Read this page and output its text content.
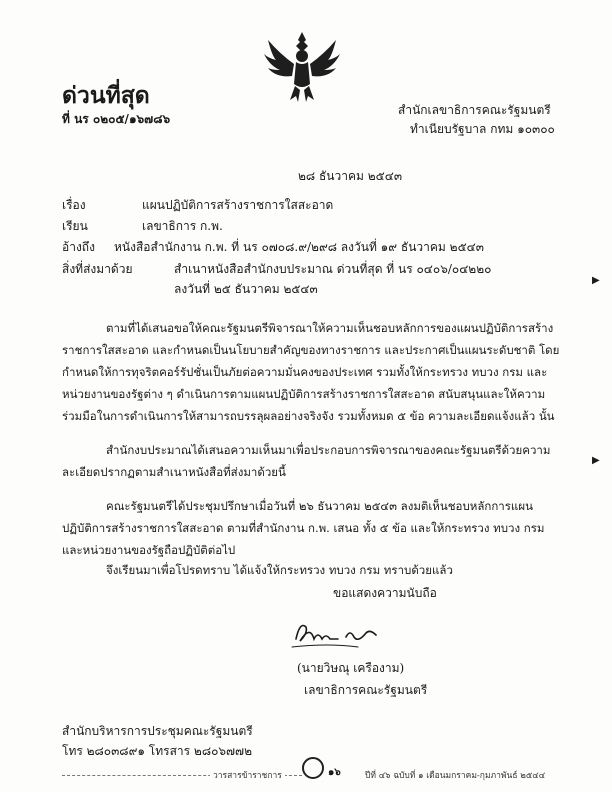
ด่วนที่สุด
ที่ นร ๐๒๐๕/๑๖๗๘๖
สำนักเลขาธิการคณะรัฐมนตรี
ทำเนียบรัฐบาล กทม ๑๐๓๐๐
๒๘ ธันวาคม ๒๕๔๓
เรื่อง	แผนปฏิบัติการสร้างราชการใสสะอาด
เรียน	เลขาธิการ ก.พ.
อ้างถึง หนังสือสำนักงาน ก.พ. ที่ นร ๐๗๐๘.๙/๒๙๘ ลงวันที่ ๑๙ ธันวาคม ๒๕๔๓
สิ่งที่ส่งมาด้วย	สำเนาหนังสือสำนักงบประมาณ ด่วนที่สุด ที่ นร ๐๔๐๖/๐๔๒๒๐
ลงวันที่ ๒๕ ธันวาคม ๒๕๔๓
ตามที่ได้เสนอขอให้คณะรัฐมนตรีพิจารณาให้ความเห็นชอบหลักการของแผนปฏิบัติการสร้าง
ราชการใสสะอาด และกำหนดเป็นนโยบายสำคัญของทางราชการ และประกาศเป็นแผนระดับชาติ โดย
กำหนดให้การทุจริตคอร์รัปชั่นเป็นภัยต่อความมั่นคงของประเทศ รวมทั้งให้กระทรวง ทบวง กรม และ
หน่วยงานของรัฐต่าง ๆ ดำเนินการตามแผนปฏิบัติการสร้างราชการใสสะอาด สนับสนุนและให้ความ
ร่วมมือในการดำเนินการให้สามารถบรรลุผลอย่างจริงจัง รวมทั้งหมด ๕ ข้อ ความละเอียดแจ้งแล้ว นั้น
สำนักงบประมาณได้เสนอความเห็นมาเพื่อประกอบการพิจารณาของคณะรัฐมนตรีด้วยความ
ละเอียดปรากฏตามสำเนาหนังสือที่ส่งมาด้วยนี้
คณะรัฐมนตรีได้ประชุมปรึกษาเมื่อวันที่ ๒๖ ธันวาคม ๒๕๔๓ ลงมติเห็นชอบหลักการแผน
ปฏิบัติการสร้างราชการใสสะอาด ตามที่สำนักงาน ก.พ. เสนอ ทั้ง ๕ ข้อ และให้กระทรวง ทบวง กรม
และหน่วยงานของรัฐถือปฏิบัติต่อไป
จึงเรียนมาเพื่อโปรดทราบ ได้แจ้งให้กระทรวง ทบวง กรม ทราบด้วยแล้ว
ขอแสดงความนับถือ
(นายวิษณุ เครืองาม)
เลขาธิการคณะรัฐมนตรี
สำนักบริหารการประชุมคณะรัฐมนตรี
โทร ๒๘๐๓๘๙๑ โทรสาร ๒๘๐๖๗๗๒
วารสารข้าราชการ	๑๖	ปีที่ ๔๖ ฉบับที่ ๑ เดือนมกราคม-กุมภาพันธ์ ๒๕๔๔
▶
▶
